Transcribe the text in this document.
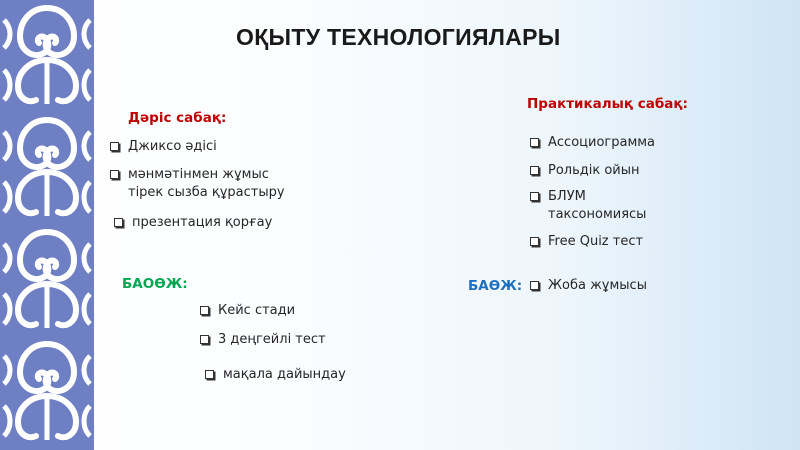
ОҚЫТУ ТЕХНОЛОГИЯЛАРЫ
Дәріс сабақ:
Джиксо әдісі
мәнмәтінмен жұмыс
тірек сызба құрастыру
презентация қорғау
БАОӨЖ:
Кейс стади
3 деңгейлі тест
мақала дайындау
Практикалық сабақ:
Ассоциограмма
Рольдік ойын
БЛУМ
таксономиясы
Free Quiz тест
БАӨЖ: Жоба жұмысы
